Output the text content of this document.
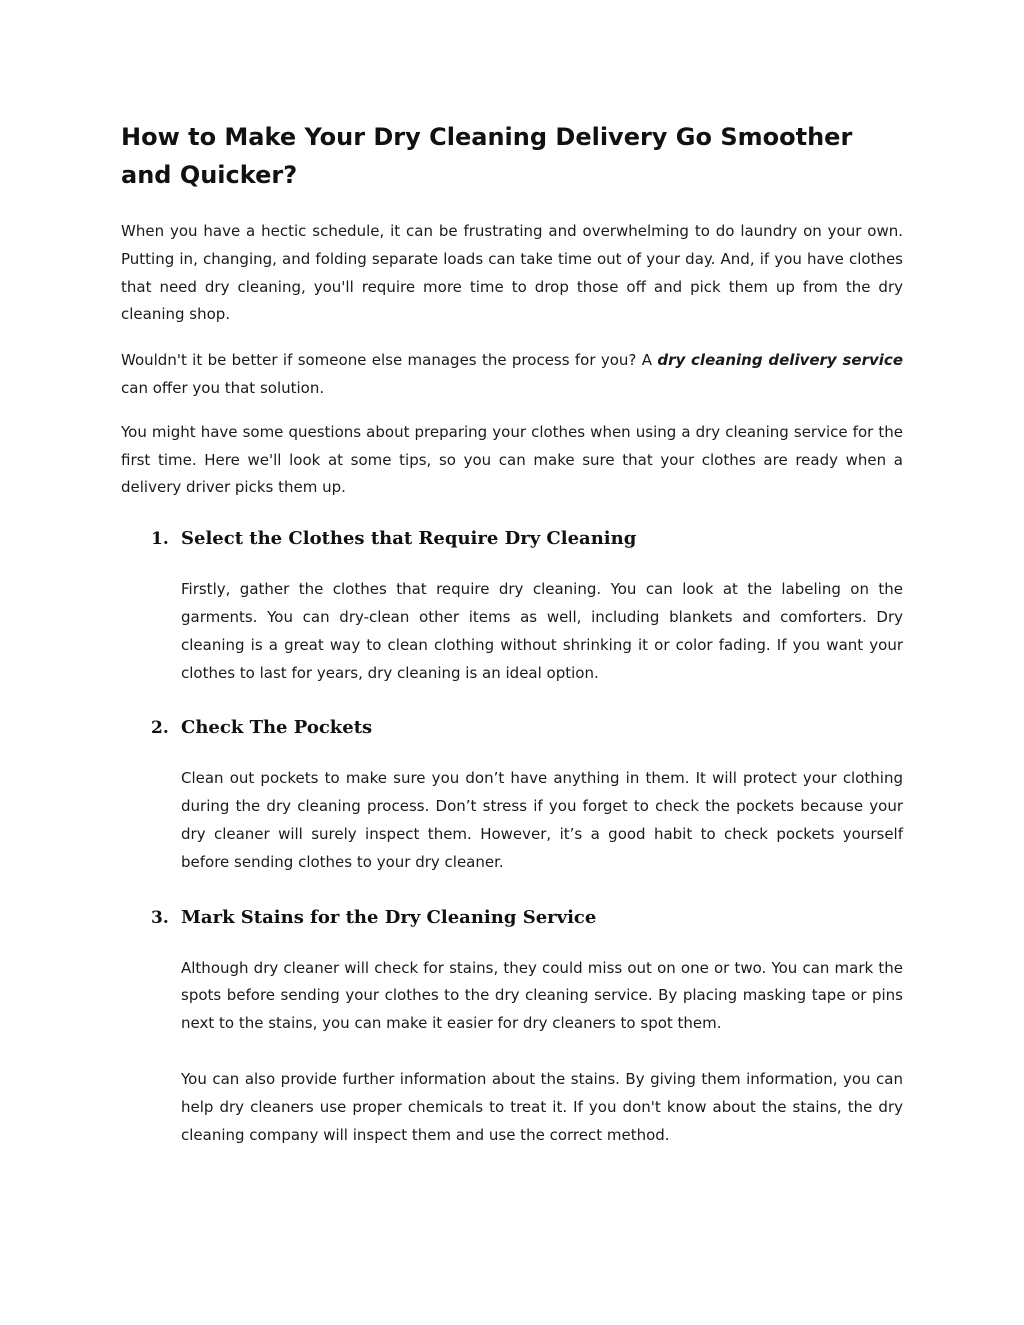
How to Make Your Dry Cleaning Delivery Go Smoother and Quicker?

When you have a hectic schedule, it can be frustrating and overwhelming to do laundry on your own. Putting in, changing, and folding separate loads can take time out of your day. And, if you have clothes that need dry cleaning, you'll require more time to drop those off and pick them up from the dry cleaning shop.

Wouldn't it be better if someone else manages the process for you? A dry cleaning delivery service can offer you that solution.

You might have some questions about preparing your clothes when using a dry cleaning service for the first time. Here we'll look at some tips, so you can make sure that your clothes are ready when a delivery driver picks them up.

1. Select the Clothes that Require Dry Cleaning

Firstly, gather the clothes that require dry cleaning. You can look at the labeling on the garments. You can dry-clean other items as well, including blankets and comforters. Dry cleaning is a great way to clean clothing without shrinking it or color fading. If you want your clothes to last for years, dry cleaning is an ideal option.

2. Check The Pockets

Clean out pockets to make sure you don’t have anything in them. It will protect your clothing during the dry cleaning process. Don’t stress if you forget to check the pockets because your dry cleaner will surely inspect them. However, it’s a good habit to check pockets yourself before sending clothes to your dry cleaner.

3. Mark Stains for the Dry Cleaning Service

Although dry cleaner will check for stains, they could miss out on one or two. You can mark the spots before sending your clothes to the dry cleaning service. By placing masking tape or pins next to the stains, you can make it easier for dry cleaners to spot them.

You can also provide further information about the stains. By giving them information, you can help dry cleaners use proper chemicals to treat it. If you don't know about the stains, the dry cleaning company will inspect them and use the correct method.
